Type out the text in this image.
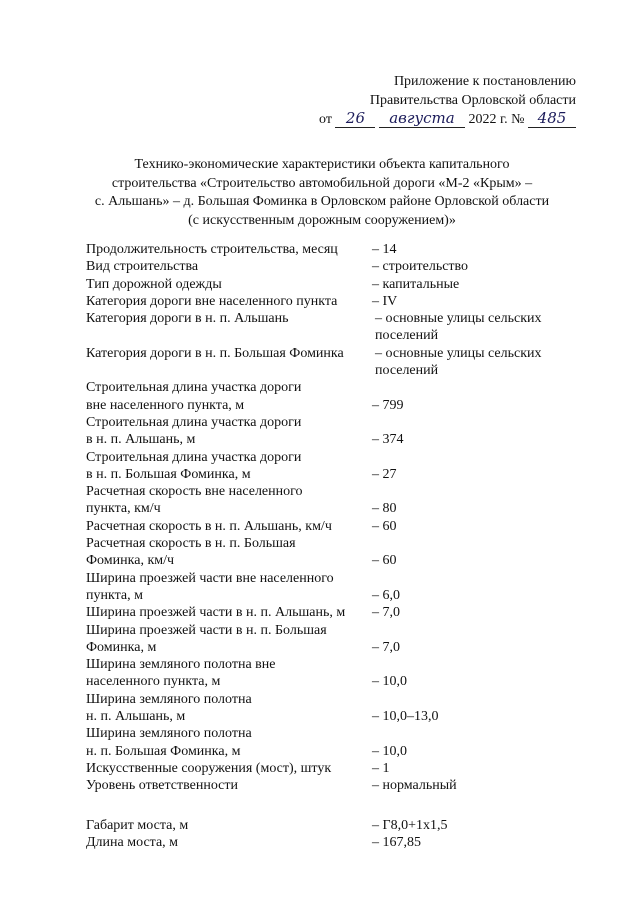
Приложение к постановлению
Правительства Орловской области
от 26 августа 2022 г. № 485
Технико-экономические характеристики объекта капитального
строительства «Строительство автомобильной дороги «М-2 «Крым» –
с. Альшань» – д. Большая Фоминка в Орловском районе Орловской области
(с искусственным дорожным сооружением)»
Продолжительность строительства, месяц	– 14
Вид строительства	– строительство
Тип дорожной одежды	– капитальные
Категория дороги вне населенного пункта	– IV
Категория дороги в н. п. Альшань	– основные улицы сельских
поселений
Категория дороги в н. п. Большая Фоминка	– основные улицы сельских
поселений
Строительная длина участка дороги
вне населенного пункта, м	– 799
Строительная длина участка дороги
в н. п. Альшань, м	– 374
Строительная длина участка дороги
в н. п. Большая Фоминка, м	– 27
Расчетная скорость вне населенного
пункта, км/ч	– 80
Расчетная скорость в н. п. Альшань, км/ч	– 60
Расчетная скорость в н. п. Большая
Фоминка, км/ч	– 60
Ширина проезжей части вне населенного
пункта, м	– 6,0
Ширина проезжей части в н. п. Альшань, м	– 7,0
Ширина проезжей части в н. п. Большая
Фоминка, м	– 7,0
Ширина земляного полотна вне
населенного пункта, м	– 10,0
Ширина земляного полотна
н. п. Альшань, м	– 10,0–13,0
Ширина земляного полотна
н. п. Большая Фоминка, м	– 10,0
Искусственные сооружения (мост), штук	– 1
Уровень ответственности	– нормальный
Габарит моста, м	– Г8,0+1х1,5
Длина моста, м	– 167,85
